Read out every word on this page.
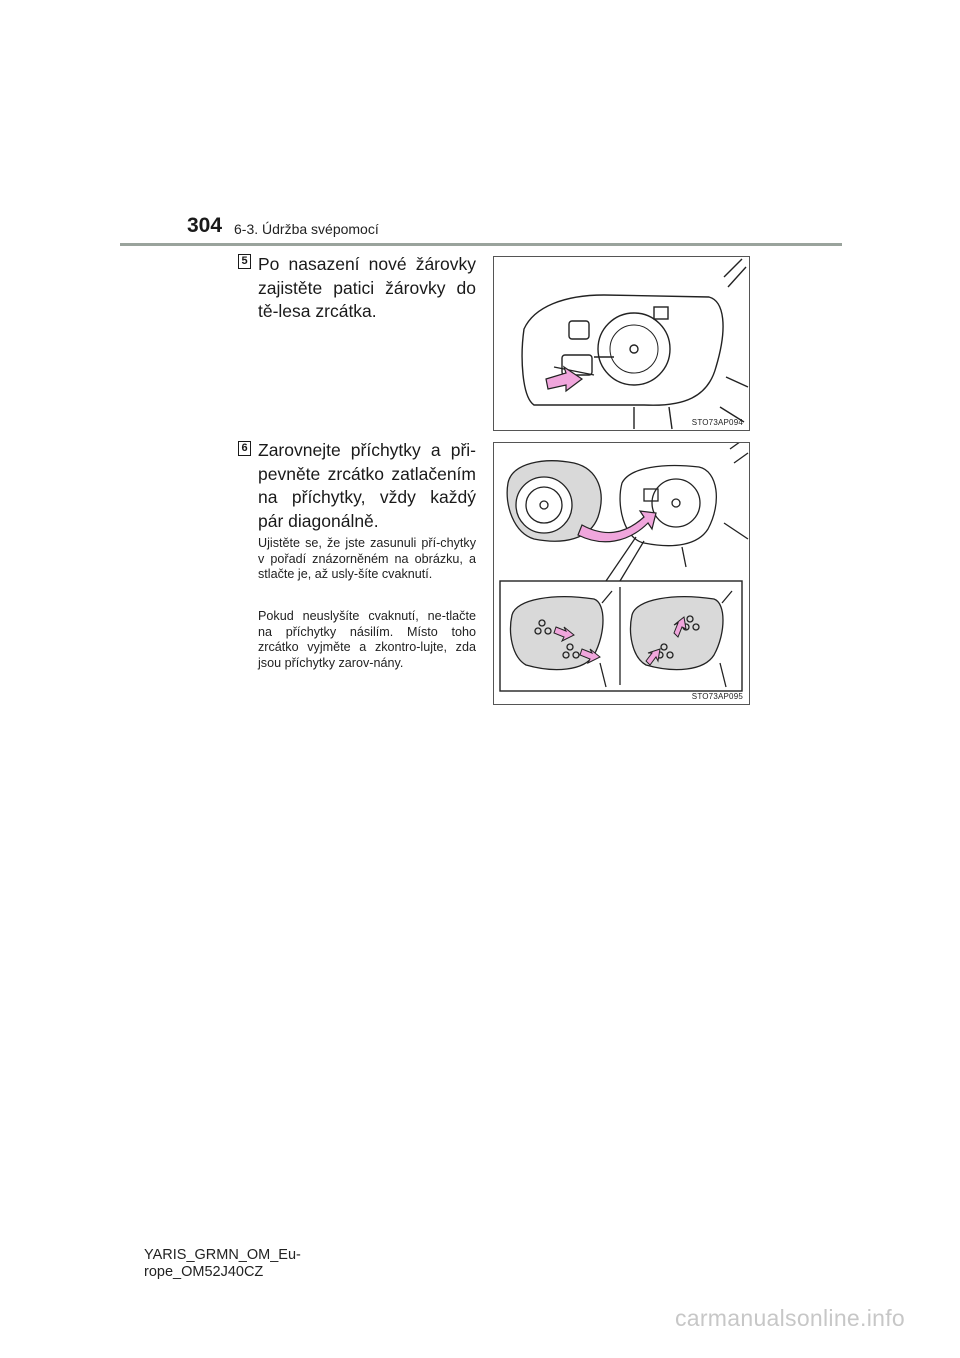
304 6-3. Údržba svépomocí
5 Po nasazení nové žárovky zajistěte patici žárovky do tě-lesa zrcátka.
STO73AP094
6 Zarovnejte příchytky a při-pevněte zrcátko zatlačením na příchytky, vždy každý pár diagonálně.
Ujistěte se, že jste zasunuli pří-chytky v pořadí znázorněném na obrázku, a stlačte je, až usly-šíte cvaknutí.
Pokud neuslyšíte cvaknutí, ne-tlačte na příchytky násilím. Místo toho zrcátko vyjměte a zkontro-lujte, zda jsou příchytky zarov-nány.
STO73AP095
YARIS_GRMN_OM_Eu-
rope_OM52J40CZ
carmanualsonline.info
